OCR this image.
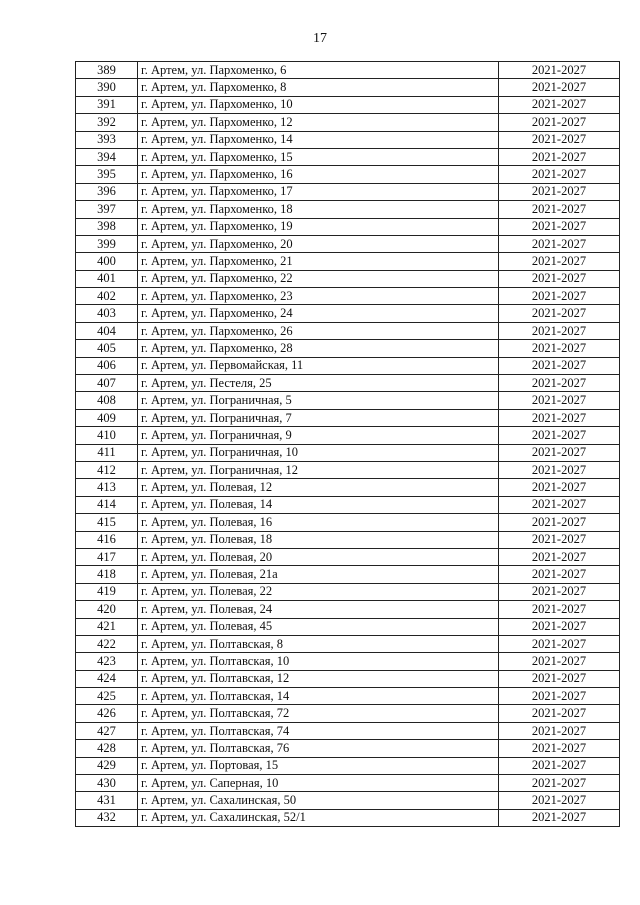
17
389	г. Артем, ул. Пархоменко, 6	2021-2027
390	г. Артем, ул. Пархоменко, 8	2021-2027
391	г. Артем, ул. Пархоменко, 10	2021-2027
392	г. Артем, ул. Пархоменко, 12	2021-2027
393	г. Артем, ул. Пархоменко, 14	2021-2027
394	г. Артем, ул. Пархоменко, 15	2021-2027
395	г. Артем, ул. Пархоменко, 16	2021-2027
396	г. Артем, ул. Пархоменко, 17	2021-2027
397	г. Артем, ул. Пархоменко, 18	2021-2027
398	г. Артем, ул. Пархоменко, 19	2021-2027
399	г. Артем, ул. Пархоменко, 20	2021-2027
400	г. Артем, ул. Пархоменко, 21	2021-2027
401	г. Артем, ул. Пархоменко, 22	2021-2027
402	г. Артем, ул. Пархоменко, 23	2021-2027
403	г. Артем, ул. Пархоменко, 24	2021-2027
404	г. Артем, ул. Пархоменко, 26	2021-2027
405	г. Артем, ул. Пархоменко, 28	2021-2027
406	г. Артем, ул. Первомайская, 11	2021-2027
407	г. Артем, ул. Пестеля, 25	2021-2027
408	г. Артем, ул. Пограничная, 5	2021-2027
409	г. Артем, ул. Пограничная, 7	2021-2027
410	г. Артем, ул. Пограничная, 9	2021-2027
411	г. Артем, ул. Пограничная, 10	2021-2027
412	г. Артем, ул. Пограничная, 12	2021-2027
413	г. Артем, ул. Полевая, 12	2021-2027
414	г. Артем, ул. Полевая, 14	2021-2027
415	г. Артем, ул. Полевая, 16	2021-2027
416	г. Артем, ул. Полевая, 18	2021-2027
417	г. Артем, ул. Полевая, 20	2021-2027
418	г. Артем, ул. Полевая, 21а	2021-2027
419	г. Артем, ул. Полевая, 22	2021-2027
420	г. Артем, ул. Полевая, 24	2021-2027
421	г. Артем, ул. Полевая, 45	2021-2027
422	г. Артем, ул. Полтавская, 8	2021-2027
423	г. Артем, ул. Полтавская, 10	2021-2027
424	г. Артем, ул. Полтавская, 12	2021-2027
425	г. Артем, ул. Полтавская, 14	2021-2027
426	г. Артем, ул. Полтавская, 72	2021-2027
427	г. Артем, ул. Полтавская, 74	2021-2027
428	г. Артем, ул. Полтавская, 76	2021-2027
429	г. Артем, ул. Портовая, 15	2021-2027
430	г. Артем, ул. Саперная, 10	2021-2027
431	г. Артем, ул. Сахалинская, 50	2021-2027
432	г. Артем, ул. Сахалинская, 52/1	2021-2027
